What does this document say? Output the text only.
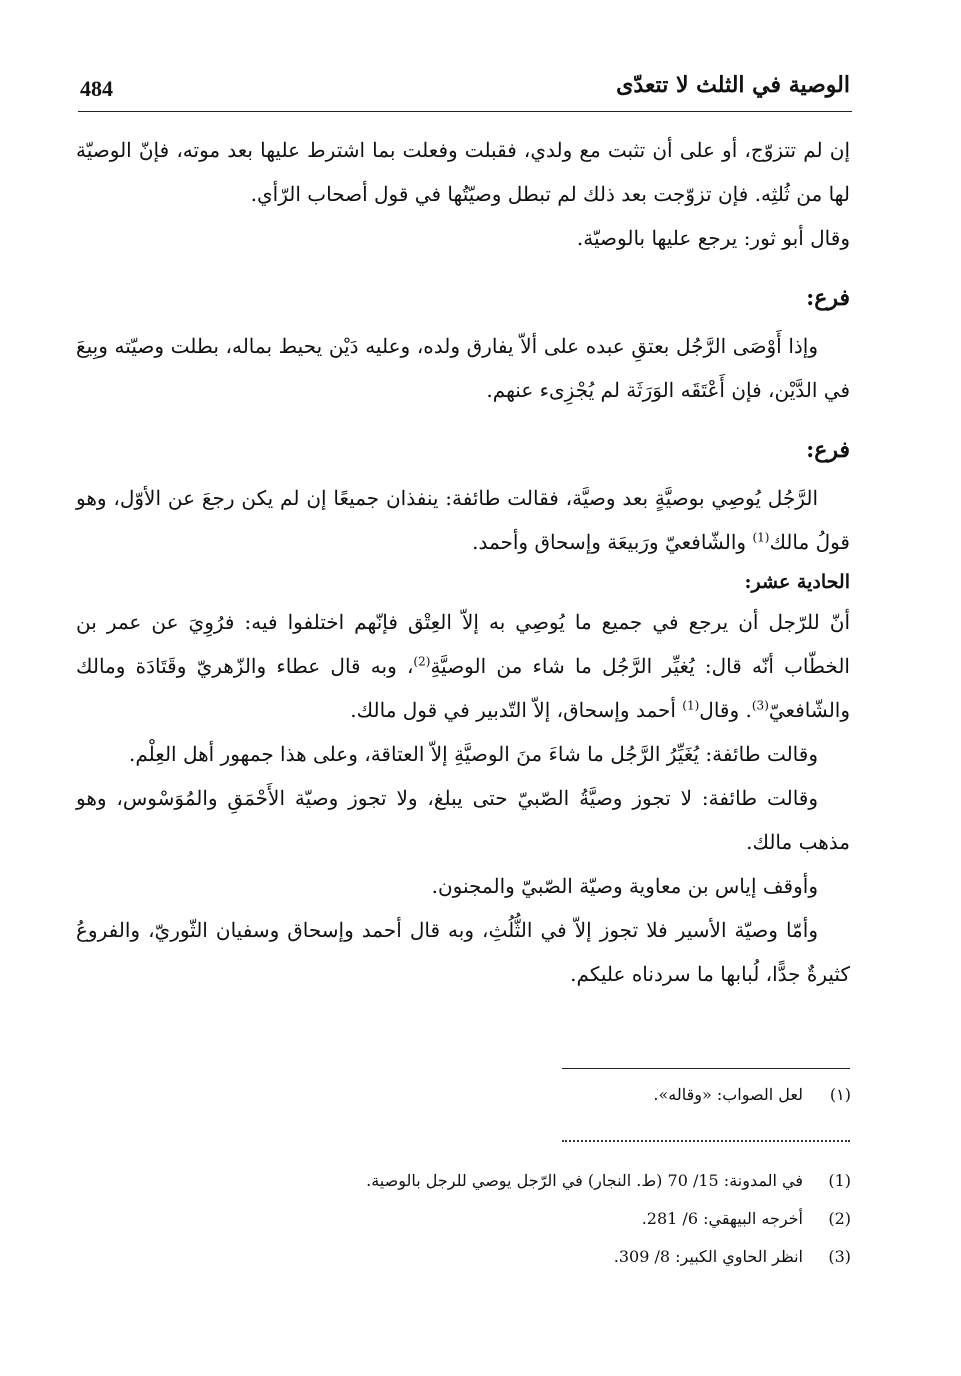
484	الوصية في الثلث لا تتعدّى

إن لم تتزوّج، أو على أن تثبت مع ولدي، فقبلت وفعلت بما اشترط عليها بعد موته، فإنّ الوصيّة لها من ثُلثِه. فإن تزوّجت بعد ذلك لم تبطل وصيّتُها في قول أصحاب الرّأي.

وقال أبو ثور: يرجع عليها بالوصيّة.

فرع:

وإذا أَوْصَى الرَّجُل بعتقِ عبده على ألاّ يفارق ولده، وعليه دَيْن يحيط بماله، بطلت وصيّته وبِيعَ في الدَّيْن، فإن أَعْتَقَه الوَرَثَة لم يُجْزِىء عنهم.

فرع:

الرَّجُل يُوصِي بوصيَّةٍ بعد وصيَّة، فقالت طائفة: ينفذان جميعًا إن لم يكن رجعَ عن الأوّل، وهو قولُ مالك$^{(1)}$ والشّافعيّ ورَبيعَة وإسحاق وأحمد.

الحادية عشر:

أنّ للرّجل أن يرجع في جميع ما يُوصِي به إلاّ العِتْق فإنّهم اختلفوا فيه: فرُوِيَ عن عمر بن الخطّاب أنّه قال: يُغيِّر الرَّجُل ما شاء من الوصيَّةِ$^{(2)}$، وبه قال عطاء والزّهريّ وقَتَادَة ومالك والشّافعيّ$^{(3)}$. وقال$^{(1)}$ أحمد وإسحاق، إلاّ التّدبير في قول مالك.

وقالت طائفة: يُغَيِّرُ الرَّجُل ما شاءَ منَ الوصيَّةِ إلاّ العتاقة، وعلى هذا جمهور أهل العِلْم.

وقالت طائفة: لا تجوز وصيَّةُ الصّبيّ حتى يبلغ، ولا تجوز وصيّة الأَحْمَقِ والمُوَسْوس، وهو مذهب مالك.

وأوقف إياس بن معاوية وصيّة الصّبيّ والمجنون.

وأمّا وصيّة الأسير فلا تجوز إلاّ في الثُّلُثِ، وبه قال أحمد وإسحاق وسفيان الثّوريّ، والفروعُ كثيرةٌ جدًّا، لُبابها ما سردناه عليكم.

(١)
لعل الصواب: «وقاله».
(1)
في المدونة: 15/ 70 (ط. النجار) في الرّجل يوصي للرجل بالوصية.
(2)
أخرجه البيهقي: 6/ 281.
(3)
انظر الحاوي الكبير: 8/ 309.
